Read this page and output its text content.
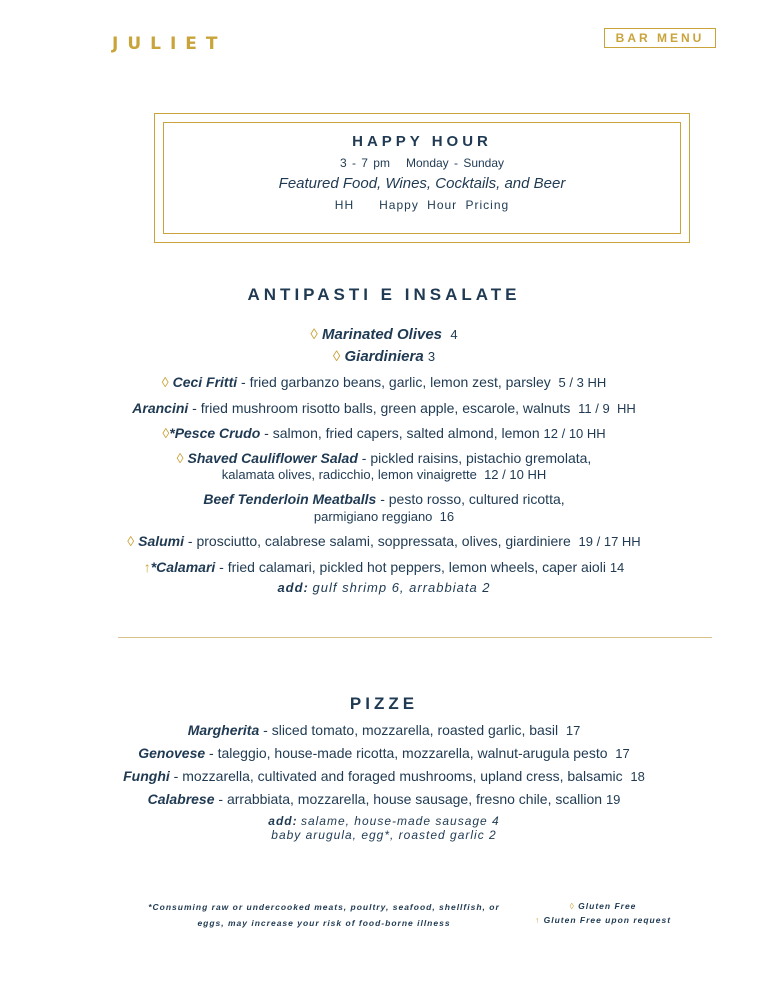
JULIET	BAR MENU
HAPPY HOUR
3 - 7 pm   Monday - Sunday
Featured Food, Wines, Cocktails, and Beer
HH   Happy Hour Pricing
ANTIPASTI E INSALATE
◊ Marinated Olives 4
◊ Giardiniera 3
◊ Ceci Fritti - fried garbanzo beans, garlic, lemon zest, parsley 5 / 3 HH
Arancini - fried mushroom risotto balls, green apple, escarole, walnuts 11 / 9  HH
◊*Pesce Crudo - salmon, fried capers, salted almond, lemon 12 / 10 HH
◊ Shaved Cauliflower Salad - pickled raisins, pistachio gremolata,
kalamata olives, radicchio, lemon vinaigrette 12 / 10 HH
Beef Tenderloin Meatballs - pesto rosso, cultured ricotta,
parmigiano reggiano 16
◊ Salumi - prosciutto, calabrese salami, soppressata, olives, giardiniere 19 / 17 HH
↑*Calamari - fried calamari, pickled hot peppers, lemon wheels, caper aioli 14
add: gulf shrimp 6, arrabbiata 2
PIZZE
Margherita - sliced tomato, mozzarella, roasted garlic, basil 17
Genovese - taleggio, house-made ricotta, mozzarella, walnut-arugula pesto 17
Funghi - mozzarella, cultivated and foraged mushrooms, upland cress, balsamic 18
Calabrese - arrabbiata, mozzarella, house sausage, fresno chile, scallion 19
add: salame, house-made sausage 4
baby arugula, egg*, roasted garlic 2
*Consuming raw or undercooked meats, poultry, seafood, shellfish, or
eggs, may increase your risk of food-borne illness
◊ Gluten Free
↑ Gluten Free upon request
